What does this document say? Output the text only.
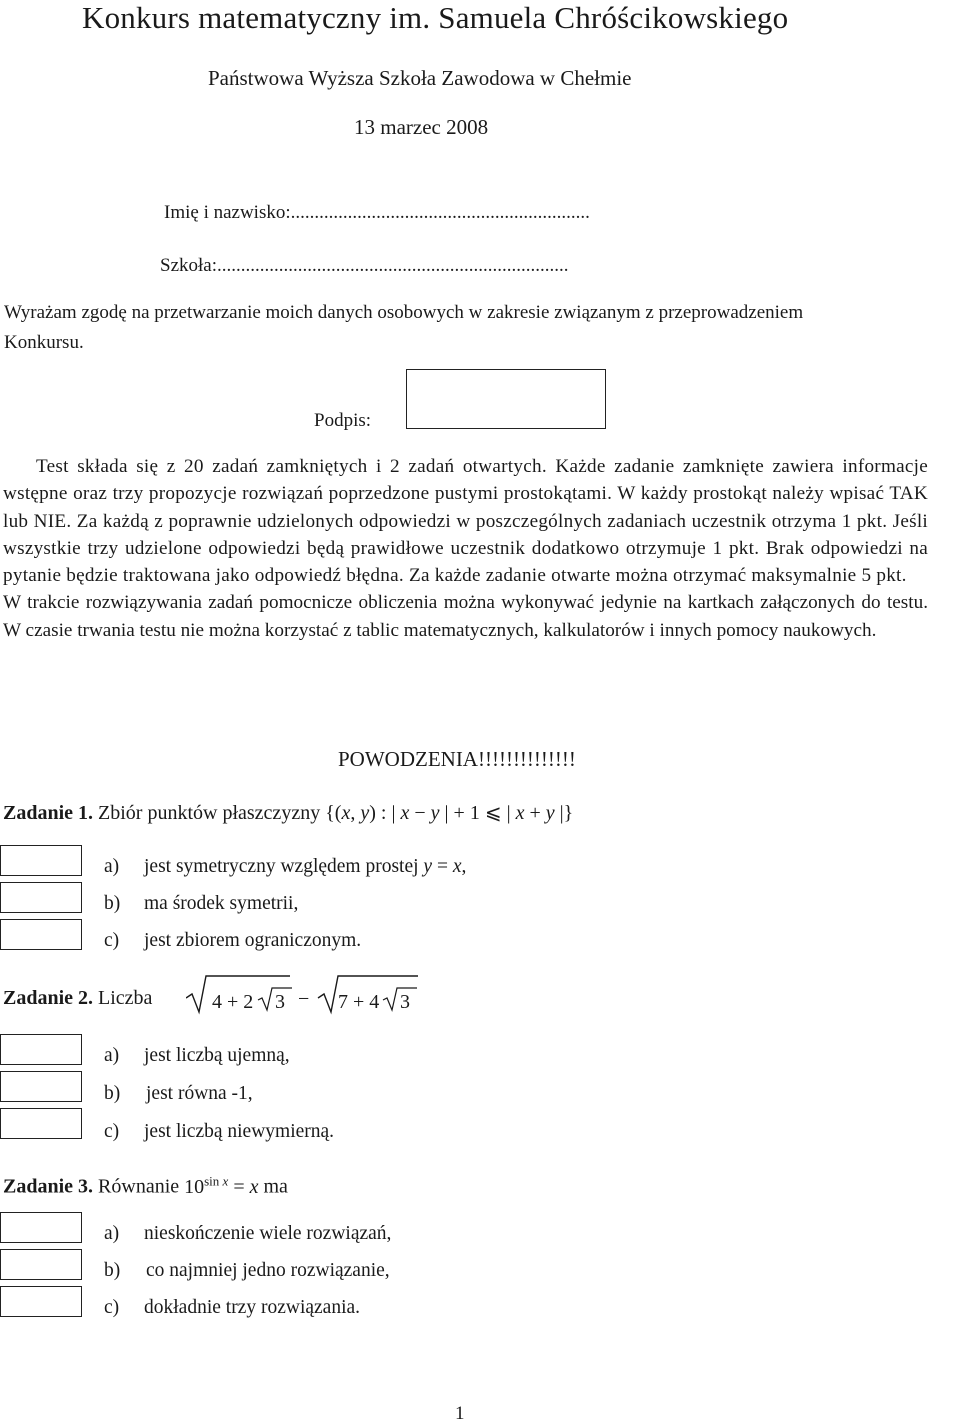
Konkurs matematyczny im. Samuela Chróścikowskiego
Państwowa Wyższa Szkoła Zawodowa w Chełmie
13 marzec 2008
Imię i nazwisko:...............................................................
Szkoła:..........................................................................
Wyrażam zgodę na przetwarzanie moich danych osobowych w zakresie związanym z przeprowadzeniem
Konkursu.
Podpis:

Test składa się z 20 zadań zamkniętych i 2 zadań otwartych. Każde zadanie zamknięte zawiera informacje wstępne oraz trzy propozycje rozwiązań poprzedzone pustymi prostokątami. W każdy prostokąt należy wpisać TAK lub NIE. Za każdą z poprawnie udzielonych odpowiedzi w poszczególnych zadaniach uczestnik otrzyma 1 pkt. Jeśli wszystkie trzy udzielone odpowiedzi będą prawidłowe uczestnik dodatkowo otrzymuje 1 pkt. Brak odpowiedzi na pytanie będzie traktowana jako odpowiedź błędna. Za każde zadanie otwarte można otrzymać maksymalnie 5 pkt.

W trakcie rozwiązywania zadań pomocnicze obliczenia można wykonywać jedynie na kartkach załączonych do testu. W czasie trwania testu nie można korzystać z tablic matematycznych, kalkulatorów i innych pomocy naukowych.

POWODZENIA!!!!!!!!!!!!!!
Zadanie 1. Zbiór punktów płaszczyzny {(x, y) : | x − y | + 1 ⩽ | x + y |}
a) jest symetryczny względem prostej y = x,
b) ma środek symetrii,
c) jest zbiorem ograniczonym.
Zadanie 2. Liczba	4 + 2 3 − 7 + 4 3
a) jest liczbą ujemną,
b) jest równa -1,
c) jest liczbą niewymierną.
Zadanie 3. Równanie $10^{sin x} = x$ ma
a) nieskończenie wiele rozwiązań,
b) co najmniej jedno rozwiązanie,
c) dokładnie trzy rozwiązania.
1
